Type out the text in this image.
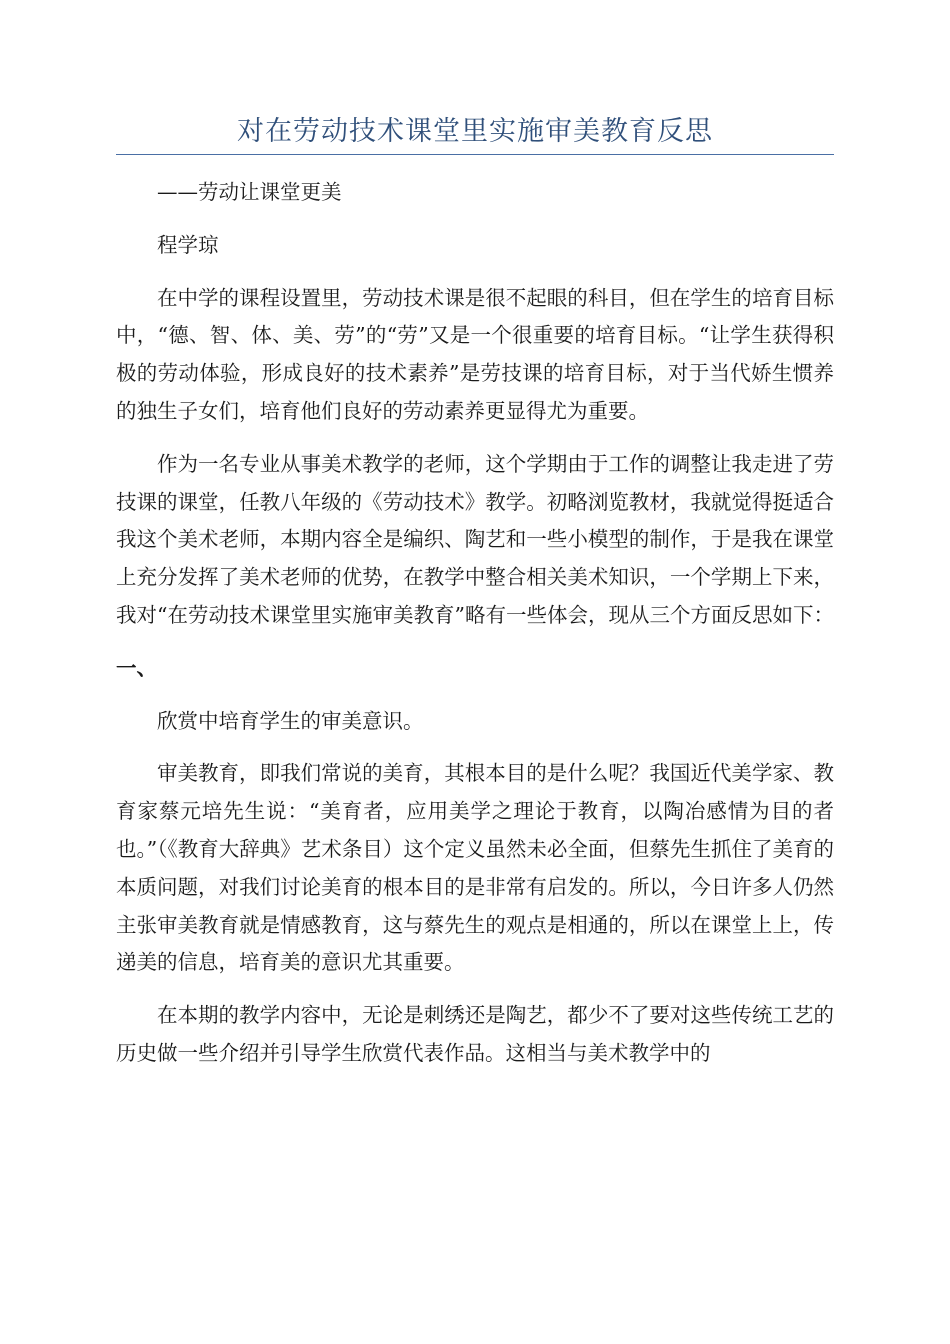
对在劳动技术课堂里实施审美教育反思

——劳动让课堂更美

程学琼

在中学的课程设置里，劳动技术课是很不起眼的科目，但在学生的培育目标中，“德、智、体、美、劳”的“劳”又是一个很重要的培育目标。“让学生获得积极的劳动体验，形成良好的技术素养”是劳技课的培育目标，对于当代娇生惯养的独生子女们，培育他们良好的劳动素养更显得尤为重要。

作为一名专业从事美术教学的老师，这个学期由于工作的调整让我走进了劳技课的课堂，任教八年级的《劳动技术》教学。初略浏览教材，我就觉得挺适合我这个美术老师，本期内容全是编织、陶艺和一些小模型的制作，于是我在课堂上充分发挥了美术老师的优势，在教学中整合相关美术知识，一个学期上下来，我对“在劳动技术课堂里实施审美教育”略有一些体会，现从三个方面反思如下：

一、

欣赏中培育学生的审美意识。

审美教育，即我们常说的美育，其根本目的是什么呢？我国近代美学家、教育家蔡元培先生说：“美育者，应用美学之理论于教育，以陶冶感情为目的者也。”（《教育大辞典》艺术条目）这个定义虽然未必全面，但蔡先生抓住了美育的本质问题，对我们讨论美育的根本目的是非常有启发的。所以，今日许多人仍然主张审美教育就是情感教育，这与蔡先生的观点是相通的，所以在课堂上上，传递美的信息，培育美的意识尤其重要。

在本期的教学内容中，无论是刺绣还是陶艺，都少不了要对这些传统工艺的历史做一些介绍并引导学生欣赏代表作品。这相当与美术教学中的
